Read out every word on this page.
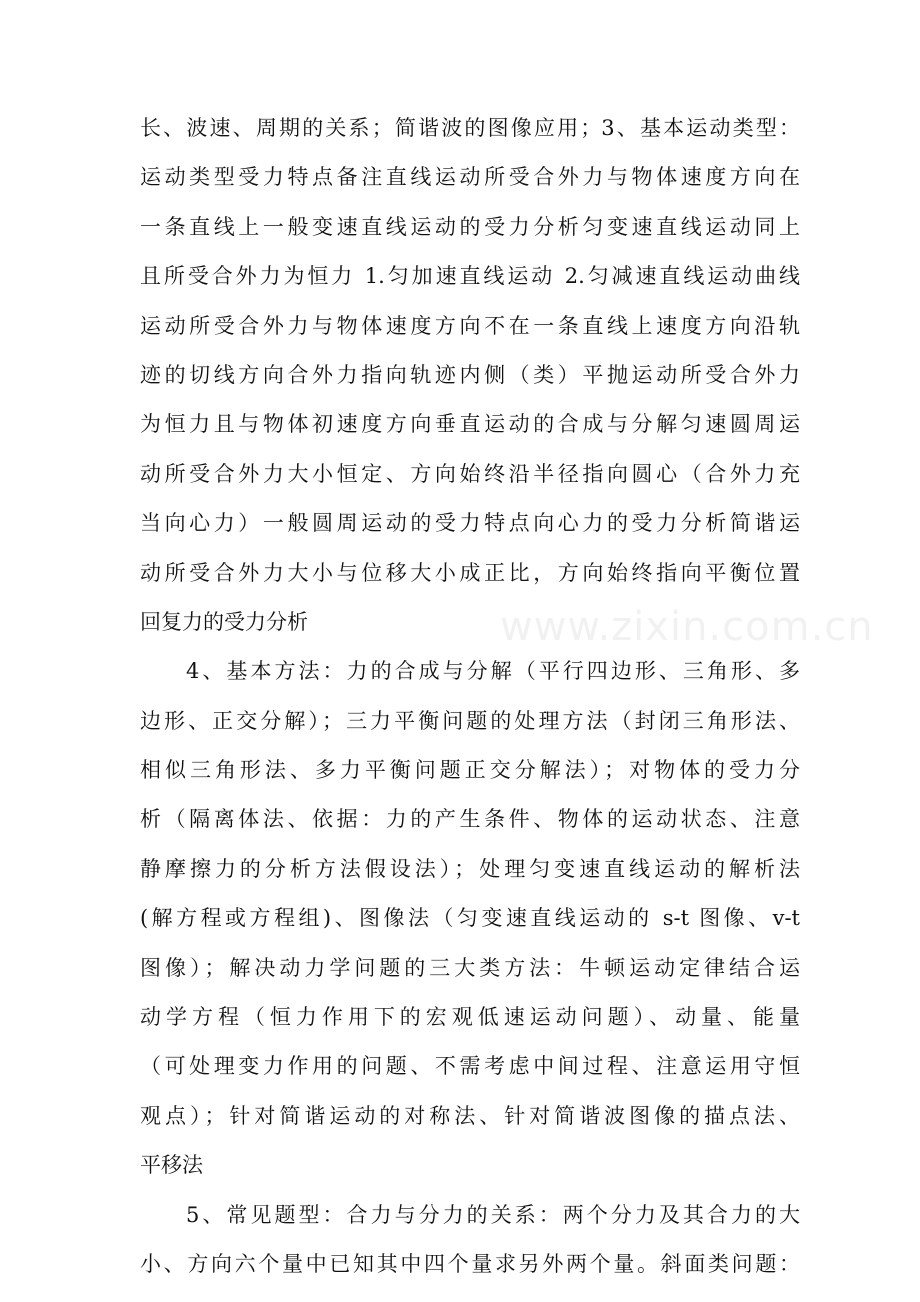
www.zixin.com.cn
长、波速、周期的关系；简谐波的图像应用；3、基本运动类型：
运动类型受力特点备注直线运动所受合外力与物体速度方向在
一条直线上一般变速直线运动的受力分析匀变速直线运动同上
且所受合外力为恒力 1.匀加速直线运动 2.匀减速直线运动曲线
运动所受合外力与物体速度方向不在一条直线上速度方向沿轨
迹的切线方向合外力指向轨迹内侧（类）平抛运动所受合外力
为恒力且与物体初速度方向垂直运动的合成与分解匀速圆周运
动所受合外力大小恒定、方向始终沿半径指向圆心（合外力充
当向心力）一般圆周运动的受力特点向心力的受力分析简谐运
动所受合外力大小与位移大小成正比，方向始终指向平衡位置
回复力的受力分析
4、基本方法：力的合成与分解（平行四边形、三角形、多
边形、正交分解）；三力平衡问题的处理方法（封闭三角形法、
相似三角形法、多力平衡问题正交分解法）；对物体的受力分
析（隔离体法、依据：力的产生条件、物体的运动状态、注意
静摩擦力的分析方法假设法）；处理匀变速直线运动的解析法
(解方程或方程组)、图像法（匀变速直线运动的 s-t 图像、v-t
图像）；解决动力学问题的三大类方法：牛顿运动定律结合运
动学方程（恒力作用下的宏观低速运动问题）、动量、能量
（可处理变力作用的问题、不需考虑中间过程、注意运用守恒
观点）；针对简谐运动的对称法、针对简谐波图像的描点法、
平移法
5、常见题型：合力与分力的关系：两个分力及其合力的大
小、方向六个量中已知其中四个量求另外两个量。斜面类问题：
